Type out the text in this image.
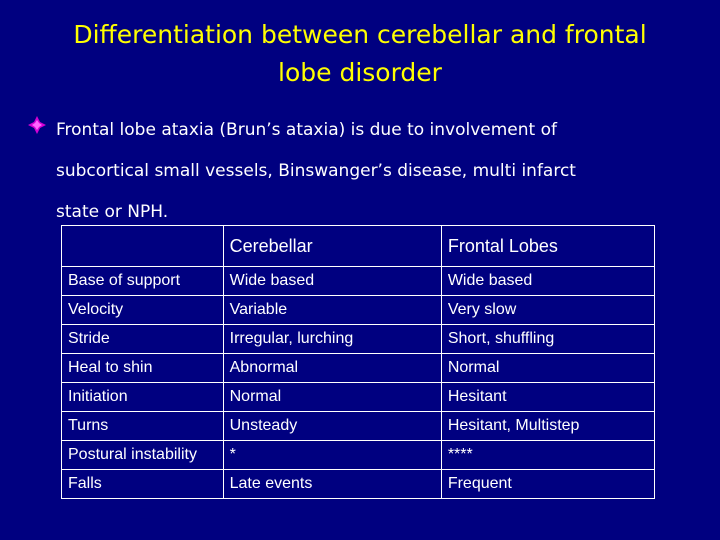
Differentiation between cerebellar and frontal
lobe disorder
Frontal lobe ataxia (Brun’s ataxia) is due to involvement of
subcortical small vessels, Binswanger’s disease, multi infarct
state or NPH.
	Cerebellar	Frontal Lobes
Base of support	Wide based	Wide based
Velocity	Variable	Very slow
Stride	Irregular, lurching	Short, shuffling
Heal to shin	Abnormal	Normal
Initiation	Normal	Hesitant
Turns	Unsteady	Hesitant, Multistep
Postural instability	*	****
Falls	Late events	Frequent
